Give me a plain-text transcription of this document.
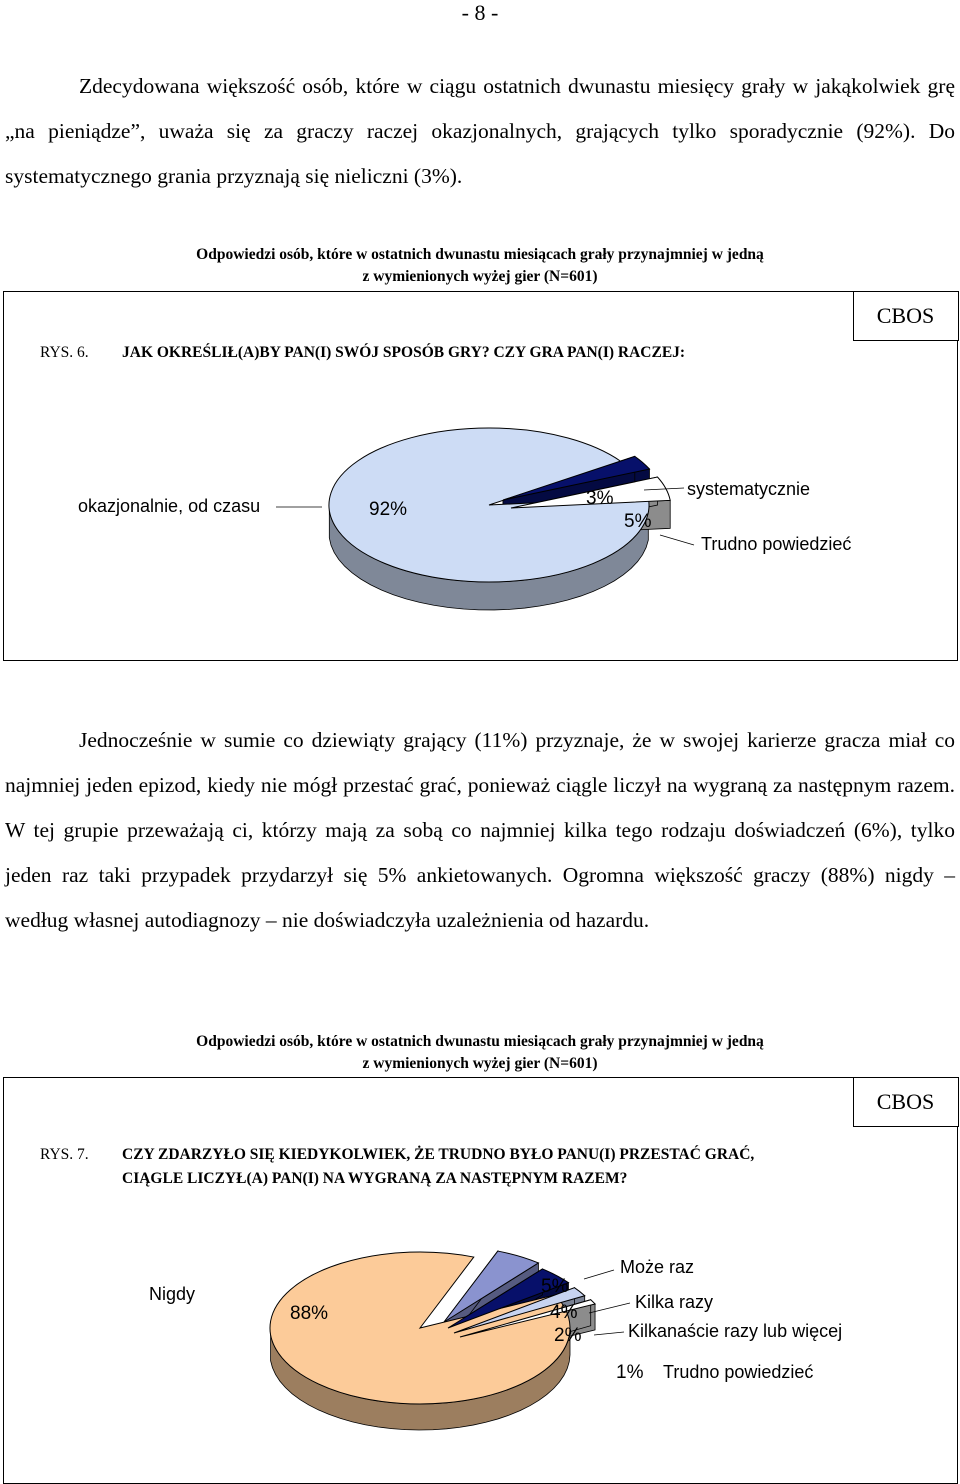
- 8 -

Zdecydowana większość osób, które w ciągu ostatnich dwunastu miesięcy grały w jakąkolwiek grę „na pieniądze”, uważa się za graczy raczej okazjonalnych, grających tylko sporadycznie (92%). Do systematycznego grania przyznają się nieliczni (3%).

Odpowiedzi osób, które w ostatnich dwunastu miesiącach grały przynajmniej w jedną
z wymienionych wyżej gier (N=601)
CBOS
RYS. 6. JAK OKREŚLIŁ(A)BY PAN(I) SWÓJ SPOSÓB GRY? CZY GRA PAN(I) RACZEJ:
92%
3%
5%
okazjonalnie, od czasu
systematycznie
Trudno powiedzieć

Jednocześnie w sumie co dziewiąty grający (11%) przyznaje, że w swojej karierze gracza miał co najmniej jeden epizod, kiedy nie mógł przestać grać, ponieważ ciągle liczył na wygraną za następnym razem. W tej grupie przeważają ci, którzy mają za sobą co najmniej kilka tego rodzaju doświadczeń (6%), tylko jeden raz taki przypadek przydarzył się 5% ankietowanych. Ogromna większość graczy (88%) nigdy – według własnej autodiagnozy – nie doświadczyła uzależnienia od hazardu.

Odpowiedzi osób, które w ostatnich dwunastu miesiącach grały przynajmniej w jedną
z wymienionych wyżej gier (N=601)
CBOS
RYS. 7. CZY ZDARZYŁO SIĘ KIEDYKOLWIEK, ŻE TRUDNO BYŁO PANU(I) PRZESTAĆ GRAĆ,
CIĄGLE LICZYŁ(A) PAN(I) NA WYGRANĄ ZA NASTĘPNYM RAZEM?
88%
5%
4%
2%
1%
Nigdy
Może raz
Kilka razy
Kilkanaście razy lub więcej
Trudno powiedzieć
